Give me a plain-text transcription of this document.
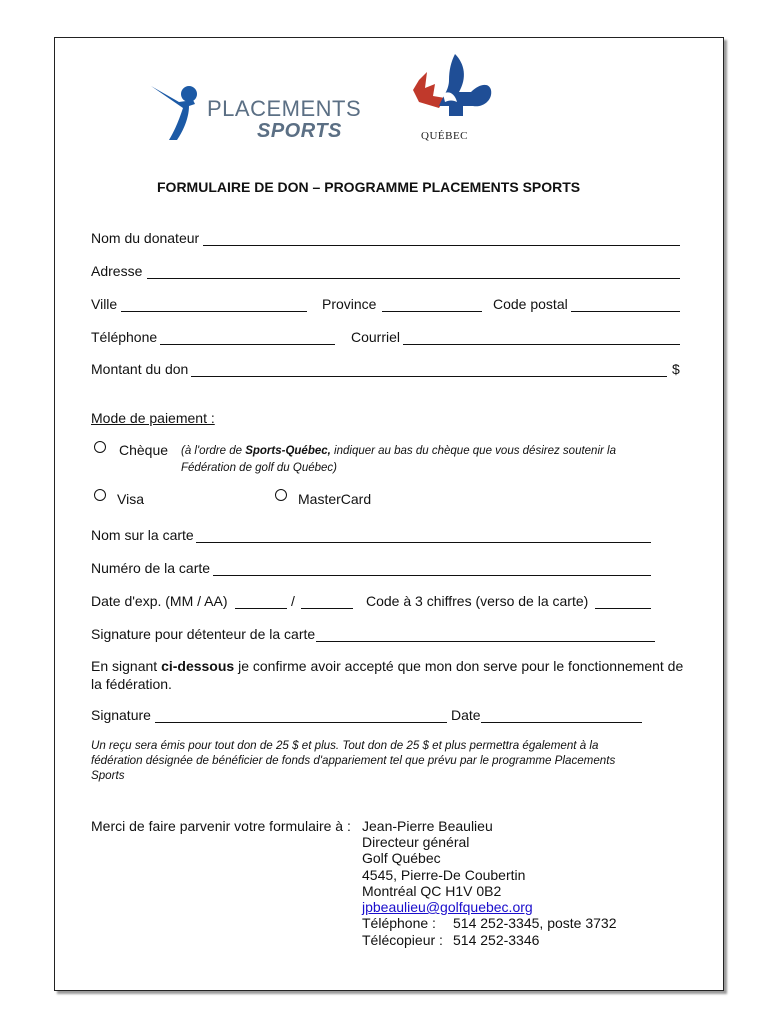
PLACEMENTS
SPORTS	QUÉBEC
FORMULAIRE DE DON – PROGRAMME PLACEMENTS SPORTS
Nom du donateur
Adresse
Ville	Province	Code postal
Téléphone	Courriel
Montant du don	$
Mode de paiement :
Chèque (à l'ordre de Sports-Québec, indiquer au bas du chèque que vous désirez soutenir la
Fédération de golf du Québec)
Visa	MasterCard
Nom sur la carte
Numéro de la carte
Date d'exp. (MM / AA)	/	Code à 3 chiffres (verso de la carte)
Signature pour détenteur de la carte
En signant ci-dessous je confirme avoir accepté que mon don serve pour le fonctionnement de
la fédération.
Signature	Date
Un reçu sera émis pour tout don de 25 $ et plus. Tout don de 25 $ et plus permettra également à la
fédération désignée de bénéficier de fonds d'appariement tel que prévu par le programme Placements
Sports
Merci de faire parvenir votre formulaire à : Jean-Pierre Beaulieu
Directeur général
Golf Québec
4545, Pierre-De Coubertin
Montréal QC H1V 0B2
jpbeaulieu@golfquebec.org
Téléphone : 514 252-3345, poste 3732
Télécopieur : 514 252-3346
